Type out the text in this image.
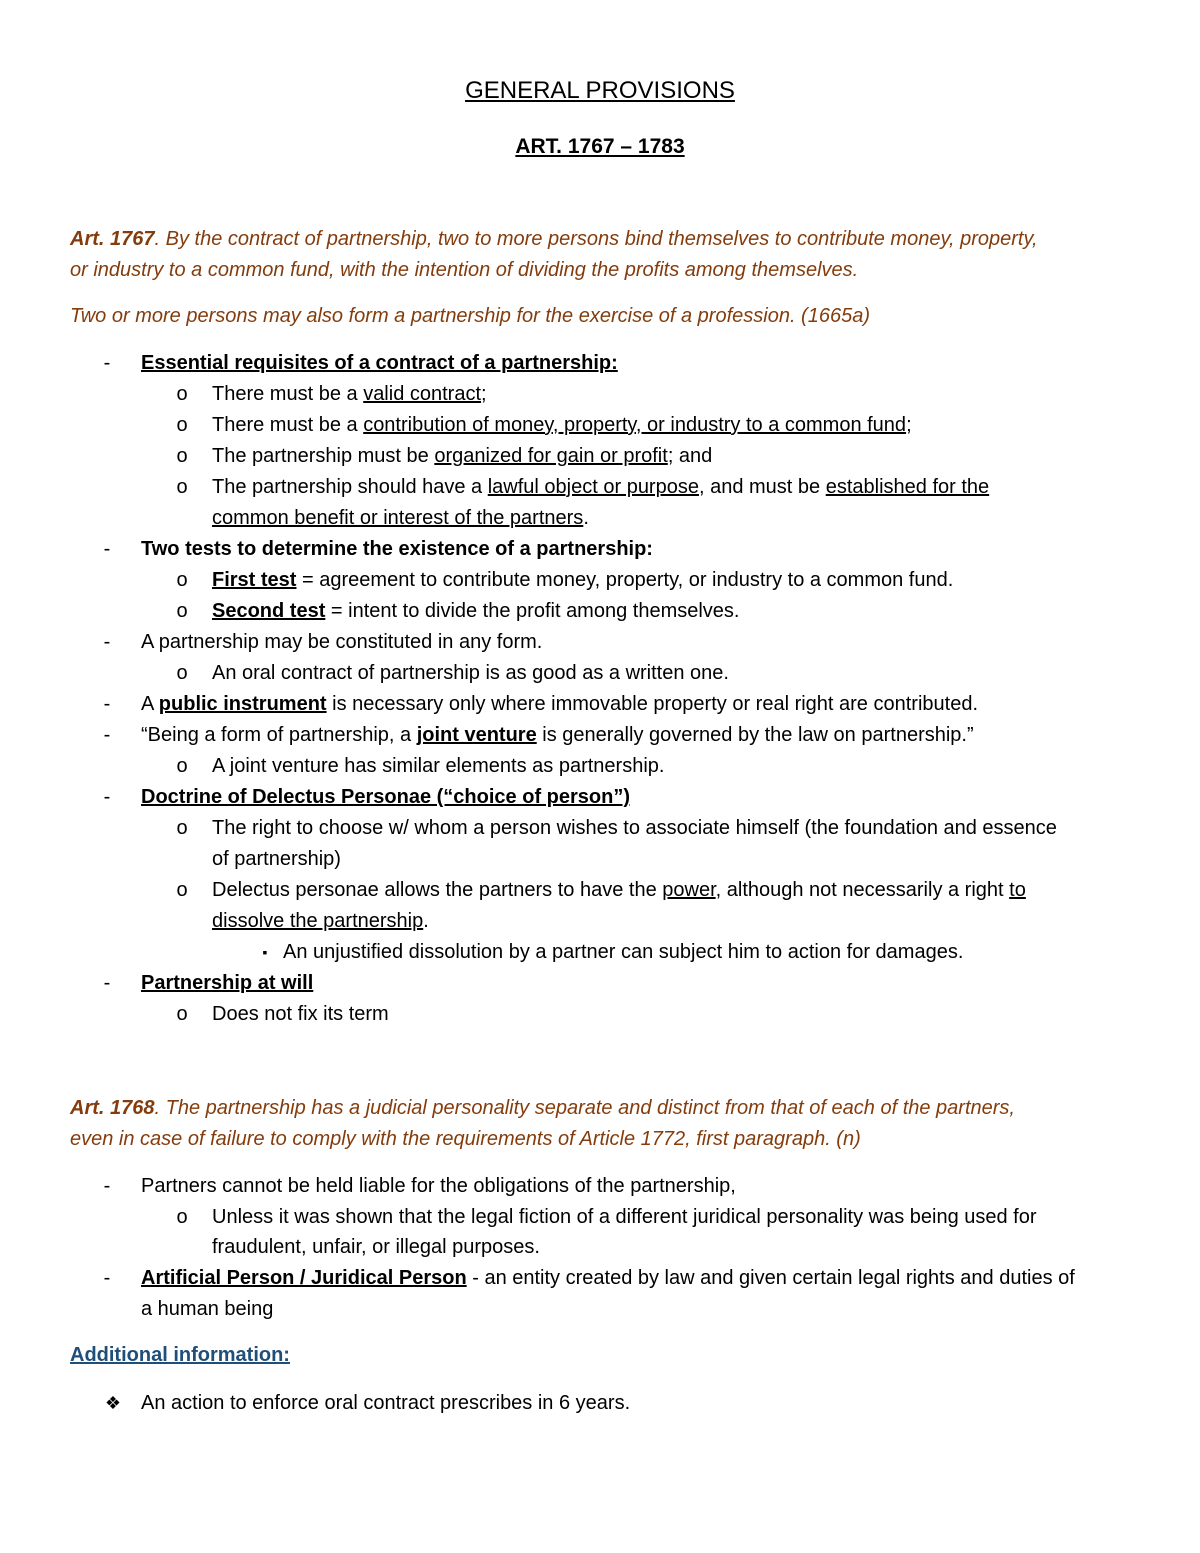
GENERAL PROVISIONS
ART. 1767 – 1783
Art. 1767. By the contract of partnership, two to more persons bind themselves to contribute money, property,
or industry to a common fund, with the intention of dividing the profits among themselves.
Two or more persons may also form a partnership for the exercise of a profession. (1665a)
-	Essential requisites of a contract of a partnership:
o There must be a valid contract;
o There must be a contribution of money, property, or industry to a common fund;
o The partnership must be organized for gain or profit; and
o The partnership should have a lawful object or purpose, and must be established for the
common benefit or interest of the partners.
-	Two tests to determine the existence of a partnership:
o First test = agreement to contribute money, property, or industry to a common fund.
o Second test = intent to divide the profit among themselves.
-	A partnership may be constituted in any form.
o An oral contract of partnership is as good as a written one.
-	A public instrument is necessary only where immovable property or real right are contributed.
-	“Being a form of partnership, a joint venture is generally governed by the law on partnership.”
o A joint venture has similar elements as partnership.
-	Doctrine of Delectus Personae (“choice of person”)
o The right to choose w/ whom a person wishes to associate himself (the foundation and essence
of partnership)
o Delectus personae allows the partners to have the power, although not necessarily a right to
dissolve the partnership.
▪ An unjustified dissolution by a partner can subject him to action for damages.
-	Partnership at will
o Does not fix its term
Art. 1768. The partnership has a judicial personality separate and distinct from that of each of the partners,
even in case of failure to comply with the requirements of Article 1772, first paragraph. (n)
-	Partners cannot be held liable for the obligations of the partnership,
o Unless it was shown that the legal fiction of a different juridical personality was being used for
fraudulent, unfair, or illegal purposes.
-	Artificial Person / Juridical Person - an entity created by law and given certain legal rights and duties of
a human being
Additional information:
❖ An action to enforce oral contract prescribes in 6 years.
